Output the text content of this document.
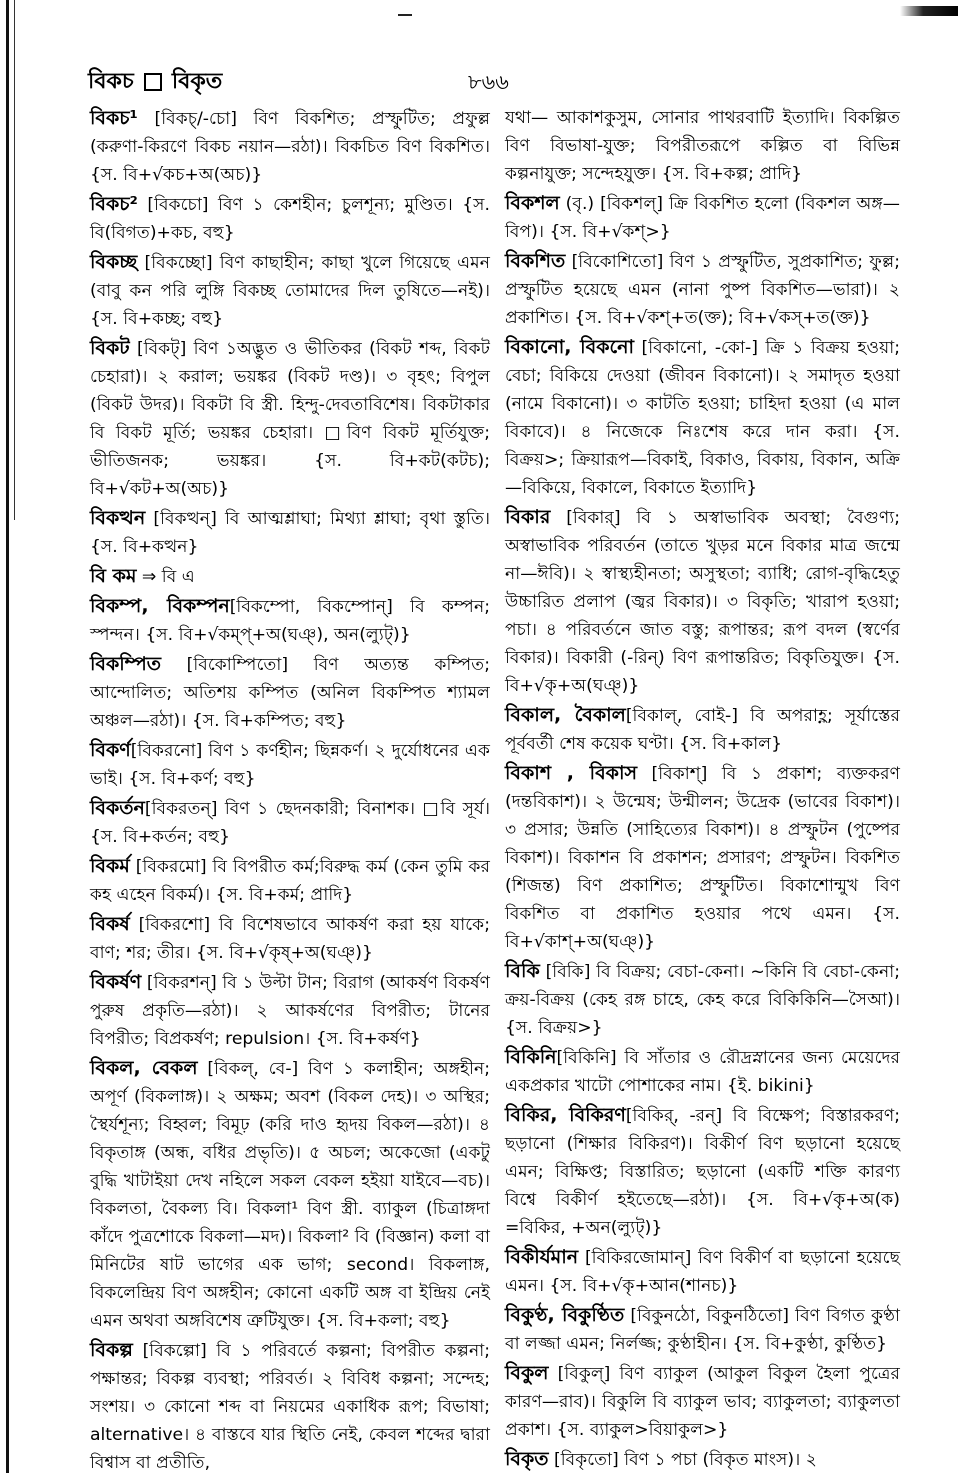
বিকচ বিকৃত	৮৬৬
বিকচ¹ [বিকচ্/-চো] বিণ বিকশিত; প্রস্ফুটিত; প্রফুল্ল (করুণা-কিরণে বিকচ নয়ান—রঠা)। বিকচিত বিণ বিকশিত। {স. বি+√কচ+অ(অচ)}
বিকচ² [বিকচো] বিণ ১ কেশহীন; চুলশূন্য; মুণ্ডিত। {স. বি(বিগত)+কচ, বহু}
বিকচ্ছ [বিকচ্ছো] বিণ কাছাহীন; কাছা খুলে গিয়েছে এমন (বাবু কন পরি লুঙ্গি বিকচ্ছ তোমাদের দিল তুষিতে—নই)। {স. বি+কচ্ছ; বহু}
বিকট [বিকট্] বিণ ১অদ্ভুত ও ভীতিকর (বিকট শব্দ, বিকট চেহারা)। ২ করাল; ভয়ঙ্কর (বিকট দণ্ড)। ৩ বৃহৎ; বিপুল (বিকট উদর)। বিকটা বি স্ত্রী. হিন্দু-দেবতাবিশেষ। বিকটাকার বি বিকট মূর্তি; ভয়ঙ্কর চেহারা। □বিণ বিকট মূর্তিযুক্ত; ভীতিজনক; ভয়ঙ্কর। {স. বি+কট(কটচ); বি+√কট+অ(অচ)}
বিকত্থন [বিকত্থন্] বি আত্মশ্লাঘা; মিথ্যা শ্লাঘা; বৃথা স্তুতি। {স. বি+কত্থন}
বি কম ⇒ বি এ
বিকম্প, বিকম্পন[বিকম্পো, বিকম্পোন্] বি কম্পন; স্পন্দন। {স. বি+√কম্প্+অ(ঘঞ্), অন(ল্যুট্)}
বিকম্পিত [বিকোম্পিতো] বিণ অত্যন্ত কম্পিত; আন্দোলিত; অতিশয় কম্পিত (অনিল বিকম্পিত শ্যামল অঞ্চল—রঠা)। {স. বি+কম্পিত; বহু}
বিকর্ণ[বিকরনো] বিণ ১ কর্ণহীন; ছিন্নকর্ণ। ২ দুর্যোধনের এক ভাই। {স. বি+কর্ণ; বহু}
বিকর্তন[বিকরতন্] বিণ ১ ছেদনকারী; বিনাশক। □বি সূর্য। {স. বি+কর্তন; বহু}
বিকর্ম [বিকরমো] বি বিপরীত কর্ম;বিরুদ্ধ কর্ম (কেন তুমি কর কহ এহেন বিকর্ম)। {স. বি+কর্ম; প্রাদি}
বিকর্ষ [বিকরশো] বি বিশেষভাবে আকর্ষণ করা হয় যাকে; বাণ; শর; তীর। {স. বি+√কৃষ্+অ(ঘঞ্)}
বিকর্ষণ [বিকরশন্] বি ১ উল্টা টান; বিরাগ (আকর্ষণ বিকর্ষণ পুরুষ প্রকৃতি—রঠা)। ২ আকর্ষণের বিপরীত; টানের বিপরীত; বিপ্রকর্ষণ; repulsion। {স. বি+কর্ষণ}
বিকল, বেকল [বিকল্, বে-] বিণ ১ কলাহীন; অঙ্গহীন; অপূর্ণ (বিকলাঙ্গ)। ২ অক্ষম; অবশ (বিকল দেহ)। ৩ অস্থির; স্থৈর্যশূন্য; বিহ্বল; বিমূঢ় (করি দাও হৃদয় বিকল—রঠা)। ৪ বিকৃতাঙ্গ (অন্ধ, বধির প্রভৃতি)। ৫ অচল; অকেজো (একটু বুদ্ধি খাটাইয়া দেখ নহিলে সকল বেকল হইয়া যাইবে—বচ)। বিকলতা, বৈকল্য বি। বিকলা¹ বিণ স্ত্রী. ব্যাকুল (চিত্রাঙ্গদা কাঁদে পুত্রশোকে বিকলা—মদ)। বিকলা² বি (বিজ্ঞান) কলা বা মিনিটের ষাট ভাগের এক ভাগ; second। বিকলাঙ্গ, বিকলেন্দ্রিয় বিণ অঙ্গহীন; কোনো একটি অঙ্গ বা ইন্দ্রিয় নেই এমন অথবা অঙ্গবিশেষ ত্রুটিযুক্ত। {স. বি+কলা; বহু}
বিকল্প [বিকল্পো] বি ১ পরিবর্তে কল্পনা; বিপরীত কল্পনা; পক্ষান্তর; বিকল্প ব্যবস্থা; পরিবর্ত। ২ বিবিধ কল্পনা; সন্দেহ; সংশয়। ৩ কোনো শব্দ বা নিয়মের একাধিক রূপ; বিভাষা; alternative। ৪ বাস্তবে যার স্থিতি নেই, কেবল শব্দের দ্বারা বিশ্বাস বা প্রতীতি,
যথা— আকাশকুসুম, সোনার পাথরবাটি ইত্যাদি। বিকল্পিত বিণ বিভাষা-যুক্ত; বিপরীতরূপে কল্পিত বা বিভিন্ন কল্পনাযুক্ত; সন্দেহযুক্ত। {স. বি+কল্প; প্রাদি}
বিকশল (বৃ.) [বিকশল্] ক্রি বিকশিত হলো (বিকশল অঙ্গ—বিপ)। {স. বি+√কশ্>}
বিকশিত [বিকোশিতো] বিণ ১ প্রস্ফুটিত, সুপ্রকাশিত; ফুল্ল; প্রস্ফুটিত হয়েছে এমন (নানা পুষ্প বিকশিত—ভারা)। ২ প্রকাশিত। {স. বি+√কশ্+ত(ক্ত); বি+√কস্+ত(ক্ত)}
বিকানো, বিকনো [বিকানো, -কো-] ক্রি ১ বিক্রয় হওয়া; বেচা; বিকিয়ে দেওয়া (জীবন বিকানো)। ২ সমাদৃত হওয়া (নামে বিকানো)। ৩ কাটতি হওয়া; চাহিদা হওয়া (এ মাল বিকাবে)। ৪ নিজেকে নিঃশেষ করে দান করা। {স. বিক্রয়>; ক্রিয়ারূপ—বিকাই, বিকাও, বিকায়, বিকান, অক্রি—বিকিয়ে, বিকালে, বিকাতে ইত্যাদি}
বিকার [বিকার্] বি ১ অস্বাভাবিক অবস্থা; বৈগুণ্য; অস্বাভাবিক পরিবর্তন (তাতে খুড়র মনে বিকার মাত্র জন্মে না—ঈবি)। ২ স্বাস্থ্যহীনতা; অসুস্থতা; ব্যাধি; রোগ-বৃদ্ধিহেতু উচ্চারিত প্রলাপ (জ্বর বিকার)। ৩ বিকৃতি; খারাপ হওয়া; পচা। ৪ পরিবর্তনে জাত বস্তু; রূপান্তর; রূপ বদল (স্বর্ণের বিকার)। বিকারী (-রিন্) বিণ রূপান্তরিত; বিকৃতিযুক্ত। {স. বি+√কৃ+অ(ঘঞ্)}
বিকাল, বৈকাল[বিকাল্, বোই-] বি অপরাহ্ণ; সূর্যাস্তের পূর্ববর্তী শেষ কয়েক ঘণ্টা। {স. বি+কাল}
বিকাশ , বিকাস [বিকাশ্] বি ১ প্রকাশ; ব্যক্তকরণ (দন্তবিকাশ)। ২ উন্মেষ; উন্মীলন; উদ্রেক (ভাবের বিকাশ)। ৩ প্রসার; উন্নতি (সাহিত্যের বিকাশ)। ৪ প্রস্ফুটন (পুষ্পের বিকাশ)। বিকাশন বি প্রকাশন; প্রসারণ; প্রস্ফুটন। বিকশিত (শিজন্ত) বিণ প্রকাশিত; প্রস্ফুটিত। বিকাশোন্মুখ বিণ বিকশিত বা প্রকাশিত হওয়ার পথে এমন। {স. বি+√কাশ্+অ(ঘঞ্)}
বিকি [বিকি] বি বিক্রয়; বেচা-কেনা। ~কিনি বি বেচা-কেনা; ক্রয়-বিক্রয় (কেহ রঙ্গ চাহে, কেহ করে বিকিকিনি—সৈআ)। {স. বিক্রয়>}
বিকিনি[বিকিনি] বি সাঁতার ও রৌদ্রস্নানের জন্য মেয়েদের একপ্রকার খাটো পোশাকের নাম। {ই. bikini}
বিকির, বিকিরণ[বিকির্, -রন্] বি বিক্ষেপ; বিস্তারকরণ; ছড়ানো (শিক্ষার বিকিরণ)। বিকীর্ণ বিণ ছড়ানো হয়েছে এমন; বিক্ষিপ্ত; বিস্তারিত; ছড়ানো (একটি শক্তি কারণ্য বিশ্বে বিকীর্ণ হইতেছে—রঠা)। {স. বি+√কৃ+অ(ক) =বিকির, +অন(ল্যুট্)}
বিকীর্যমান [বিকিরজোমান্] বিণ বিকীর্ণ বা ছড়ানো হয়েছে এমন। {স. বি+√কৃ+আন(শানচ)}
বিকুণ্ঠ, বিকুণ্ঠিত [বিকুনঠো, বিকুনঠিতো] বিণ বিগত কুণ্ঠা বা লজ্জা এমন; নির্লজ্জ; কুণ্ঠাহীন। {স. বি+কুণ্ঠা, কুণ্ঠিত}
বিকুল [বিকুল্] বিণ ব্যাকুল (আকুল বিকুল হৈলা পুত্রের কারণ—রাব)। বিকুলি বি ব্যাকুল ভাব; ব্যাকুলতা; ব্যাকুলতা প্রকাশ। {স. ব্যাকুল>বিয়াকুল>}
বিকৃত [বিকৃতো] বিণ ১ পচা (বিকৃত মাংস)। ২
